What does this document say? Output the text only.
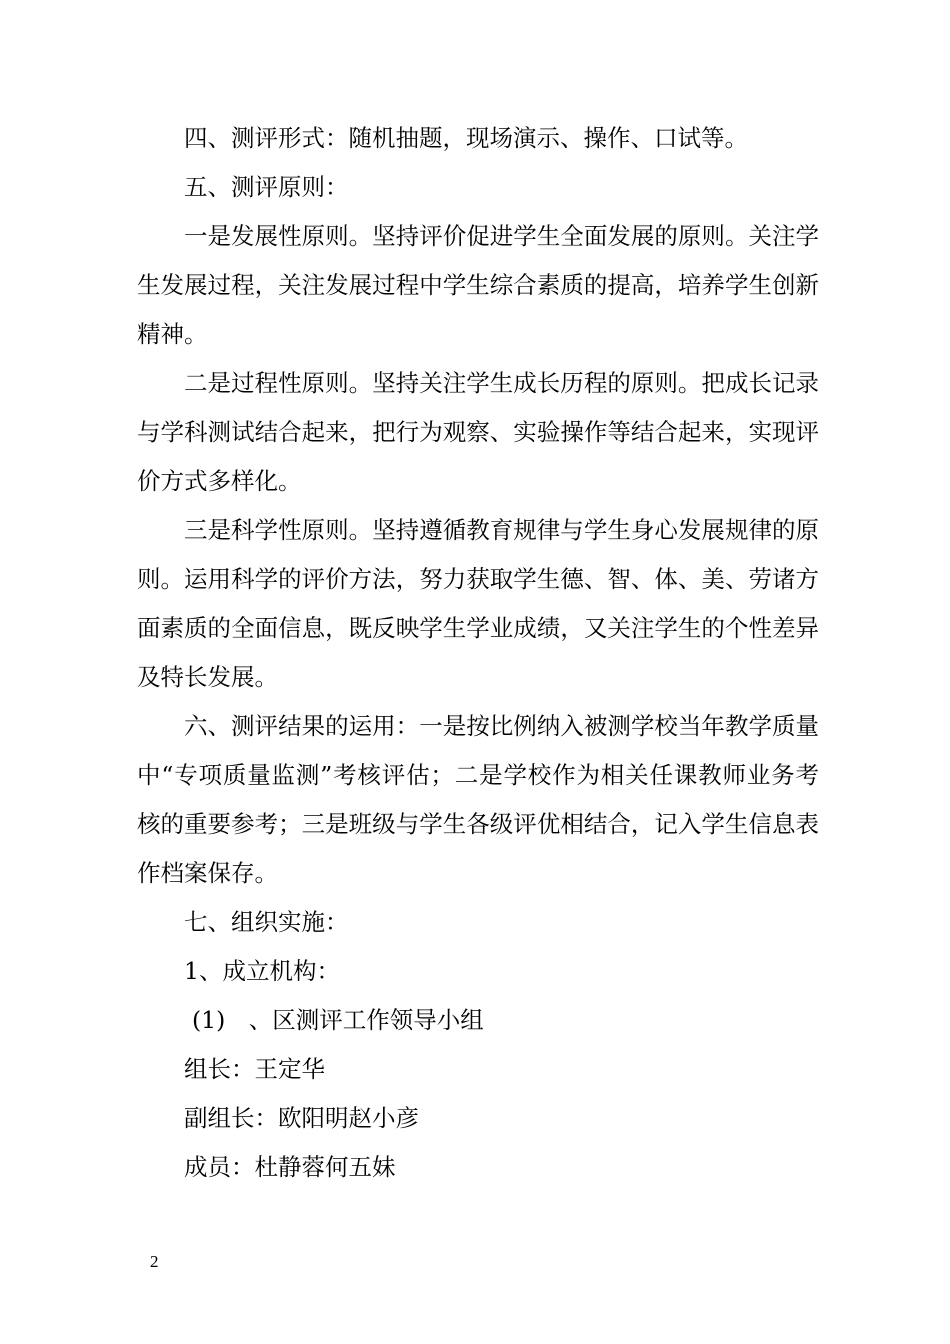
四、测评形式：随机抽题，现场演示、操作、口试等。

五、测评原则：

一是发展性原则。坚持评价促进学生全面发展的原则。关注学生发展过程，关注发展过程中学生综合素质的提高，培养学生创新精神。

二是过程性原则。坚持关注学生成长历程的原则。把成长记录与学科测试结合起来，把行为观察、实验操作等结合起来，实现评价方式多样化。

三是科学性原则。坚持遵循教育规律与学生身心发展规律的原则。运用科学的评价方法，努力获取学生德、智、体、美、劳诸方面素质的全面信息，既反映学生学业成绩，又关注学生的个性差异及特长发展。

六、测评结果的运用：一是按比例纳入被测学校当年教学质量中“专项质量监测”考核评估；二是学校作为相关任课教师业务考核的重要参考；三是班级与学生各级评优相结合，记入学生信息表作档案保存。

七、组织实施：

1、成立机构：

(1)　、区测评工作领导小组

组长：王定华

副组长：欧阳明赵小彦

成员：杜静蓉何五妹

2
